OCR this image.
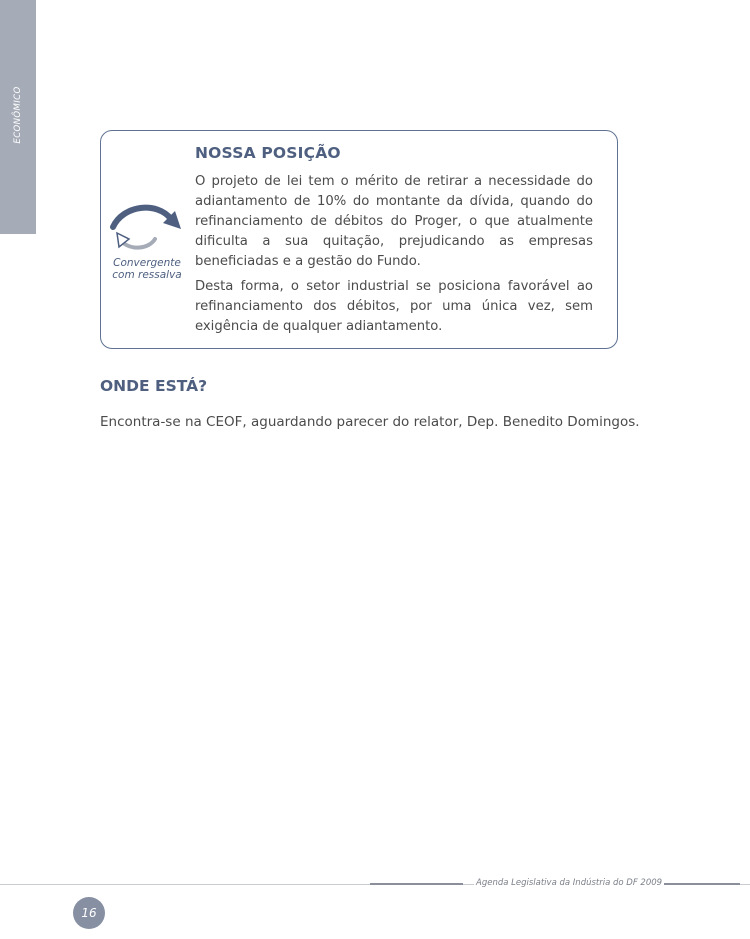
ECONÔMICO
Convergente
com ressalva
NOSSA POSIÇÃO

O projeto de lei tem o mérito de retirar a necessidade do adiantamento de 10% do montante da dívida, quando do refinanciamento de débitos do Proger, o que atualmente dificulta a sua quitação, prejudicando as empresas beneficiadas e a gestão do Fundo.

Desta forma, o setor industrial se posiciona favorável ao refinanciamento dos débitos, por uma única vez, sem exigência de qualquer adiantamento.

ONDE ESTÁ?
Encontra-se na CEOF, aguardando parecer do relator, Dep. Benedito Domingos.
Agenda Legislativa da Indústria do DF 2009
16
